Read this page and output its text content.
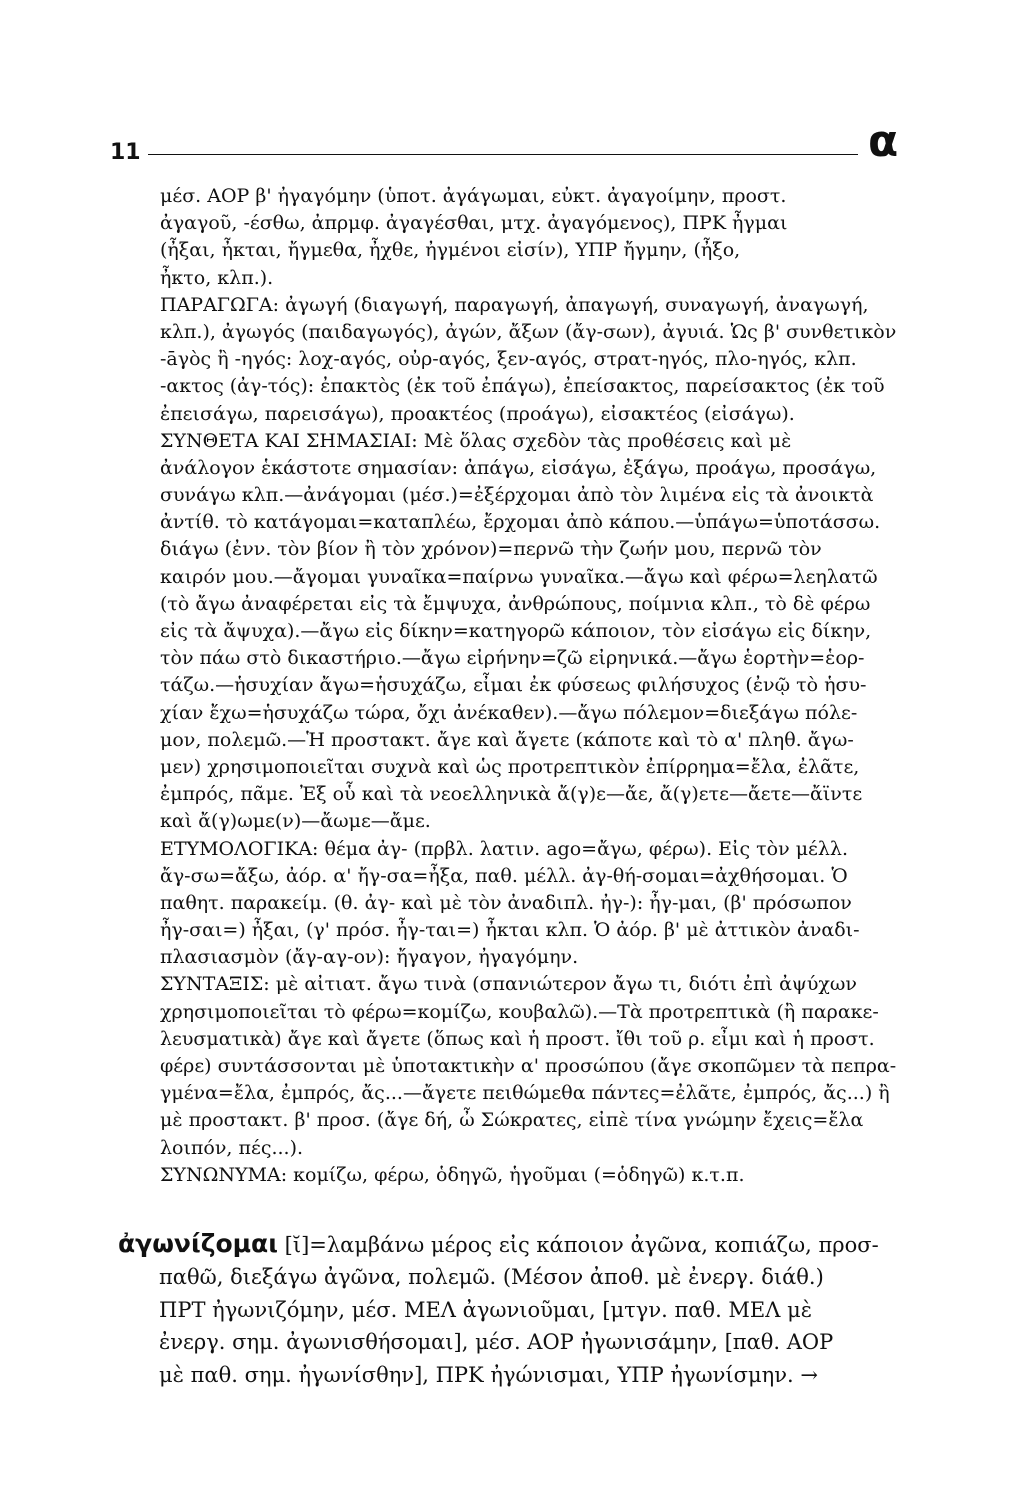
11	α
μέσ. ΑΟΡ β' ἠγαγόμην (ὑποτ. ἀγάγωμαι, εὐκτ. ἀγαγοίμην, προστ.
ἀγαγοῦ, -έσθω, ἀπρμφ. ἀγαγέσθαι, μτχ. ἀγαγόμενος), ΠΡΚ ἦγμαι
(ἦξαι, ἦκται, ἤγμεθα, ἦχθε, ἠγμένοι εἰσίν), ΥΠΡ ἤγμην, (ἦξο,
ἦκτο, κλπ.).
ΠΑΡΑΓΩΓΑ: ἀγωγή (διαγωγή, παραγωγή, ἀπαγωγή, συναγωγή, ἀναγωγή,
κλπ.), ἀγωγός (παιδαγωγός), ἀγών, ἄξων (ἄγ-σων), ἀγυιά. Ὡς β' συνθετικὸν
-āγὸς ἢ -ηγός: λοχ-αγός, οὐρ-αγός, ξεν-αγός, στρατ-ηγός, πλο-ηγός, κλπ.
-ακτος (ἀγ-τός): ἐπακτὸς (ἐκ τοῦ ἐπάγω), ἐπείσακτος, παρείσακτος (ἐκ τοῦ
ἐπεισάγω, παρεισάγω), προακτέος (προάγω), εἰσακτέος (εἰσάγω).
ΣΥΝΘΕΤΑ ΚΑΙ ΣΗΜΑΣΙΑΙ: Μὲ ὅλας σχεδὸν τὰς προθέσεις καὶ μὲ
ἀνάλογον ἑκάστοτε σημασίαν: ἀπάγω, εἰσάγω, ἐξάγω, προάγω, προσάγω,
συνάγω κλπ.—ἀνάγομαι (μέσ.)=ἐξέρχομαι ἀπὸ τὸν λιμένα εἰς τὰ ἀνοικτὰ
ἀντίθ. τὸ κατάγομαι=καταπλέω, ἔρχομαι ἀπὸ κάπου.—ὑπάγω=ὑποτάσσω.
διάγω (ἐνν. τὸν βίον ἢ τὸν χρόνον)=περνῶ τὴν ζωήν μου, περνῶ τὸν
καιρόν μου.—ἄγομαι γυναῖκα=παίρνω γυναῖκα.—ἄγω καὶ φέρω=λεηλατῶ
(τὸ ἄγω ἀναφέρεται εἰς τὰ ἔμψυχα, ἀνθρώπους, ποίμνια κλπ., τὸ δὲ φέρω
εἰς τὰ ἄψυχα).—ἄγω εἰς δίκην=κατηγορῶ κάποιον, τὸν εἰσάγω εἰς δίκην,
τὸν πάω στὸ δικαστήριο.—ἄγω εἰρήνην=ζῶ εἰρηνικά.—ἄγω ἑορτὴν=ἑορ-
τάζω.—ἡσυχίαν ἄγω=ἡσυχάζω, εἶμαι ἐκ φύσεως φιλήσυχος (ἐνῷ τὸ ἡσυ-
χίαν ἔχω=ἡσυχάζω τώρα, ὄχι ἀνέκαθεν).—ἄγω πόλεμον=διεξάγω πόλε-
μον, πολεμῶ.—Ἡ προστακτ. ἄγε καὶ ἄγετε (κάποτε καὶ τὸ α' πληθ. ἄγω-
μεν) χρησιμοποιεῖται συχνὰ καὶ ὡς προτρεπτικὸν ἐπίρρημα=ἔλα, ἐλᾶτε,
ἐμπρός, πᾶμε. Ἐξ οὗ καὶ τὰ νεοελληνικὰ ἄ(γ)ε—ἄε, ἄ(γ)ετε—ἄετε—ἄϊντε
καὶ ἄ(γ)ωμε(ν)—ἄωμε—ἄμε.
ΕΤΥΜΟΛΟΓΙΚΑ: θέμα ἀγ- (πρβλ. λατιν. ago=ἄγω, φέρω). Εἰς τὸν μέλλ.
ἄγ-σω=ἄξω, ἀόρ. α' ἤγ-σα=ἦξα, παθ. μέλλ. ἀγ-θή-σομαι=ἀχθήσομαι. Ὁ
παθητ. παρακείμ. (θ. ἀγ- καὶ μὲ τὸν ἀναδιπλ. ἠγ-): ἦγ-μαι, (β' πρόσωπον
ἦγ-σαι=) ἦξαι, (γ' πρόσ. ἦγ-ται=) ἦκται κλπ. Ὁ ἀόρ. β' μὲ ἀττικὸν ἀναδι-
πλασιασμὸν (ἄγ-αγ-ον): ἤγαγον, ἠγαγόμην.
ΣΥΝΤΑΞΙΣ: μὲ αἰτιατ. ἄγω τινὰ (σπανιώτερον ἄγω τι, διότι ἐπὶ ἀψύχων
χρησιμοποιεῖται τὸ φέρω=κομίζω, κουβαλῶ).—Τὰ προτρεπτικὰ (ἢ παρακε-
λευσματικὰ) ἄγε καὶ ἄγετε (ὅπως καὶ ἡ προστ. ἴθι τοῦ ρ. εἶμι καὶ ἡ προστ.
φέρε) συντάσσονται μὲ ὑποτακτικὴν α' προσώπου (ἄγε σκοπῶμεν τὰ πεπρα-
γμένα=ἔλα, ἐμπρός, ἄς...—ἄγετε πειθώμεθα πάντες=ἐλᾶτε, ἐμπρός, ἄς...) ἢ
μὲ προστακτ. β' προσ. (ἄγε δή, ὦ Σώκρατες, εἰπὲ τίνα γνώμην ἔχεις=ἔλα
λοιπόν, πές...).
ΣΥΝΩΝΥΜΑ: κομίζω, φέρω, ὁδηγῶ, ἡγοῦμαι (=ὁδηγῶ) κ.τ.π.
ἀγωνίζομαι [ῐ]=λαμβάνω μέρος εἰς κάποιον ἀγῶνα, κοπιάζω, προσ-
παθῶ, διεξάγω ἀγῶνα, πολεμῶ. (Μέσον ἀποθ. μὲ ἐνεργ. διάθ.)
ΠΡΤ ἠγωνιζόμην, μέσ. ΜΕΛ ἀγωνιοῦμαι, [μτγν. παθ. ΜΕΛ μὲ
ἐνεργ. σημ. ἀγωνισθήσομαι], μέσ. ΑΟΡ ἠγωνισάμην, [παθ. ΑΟΡ
μὲ παθ. σημ. ἠγωνίσθην], ΠΡΚ ἠγώνισμαι, ΥΠΡ ἠγωνίσμην. →
